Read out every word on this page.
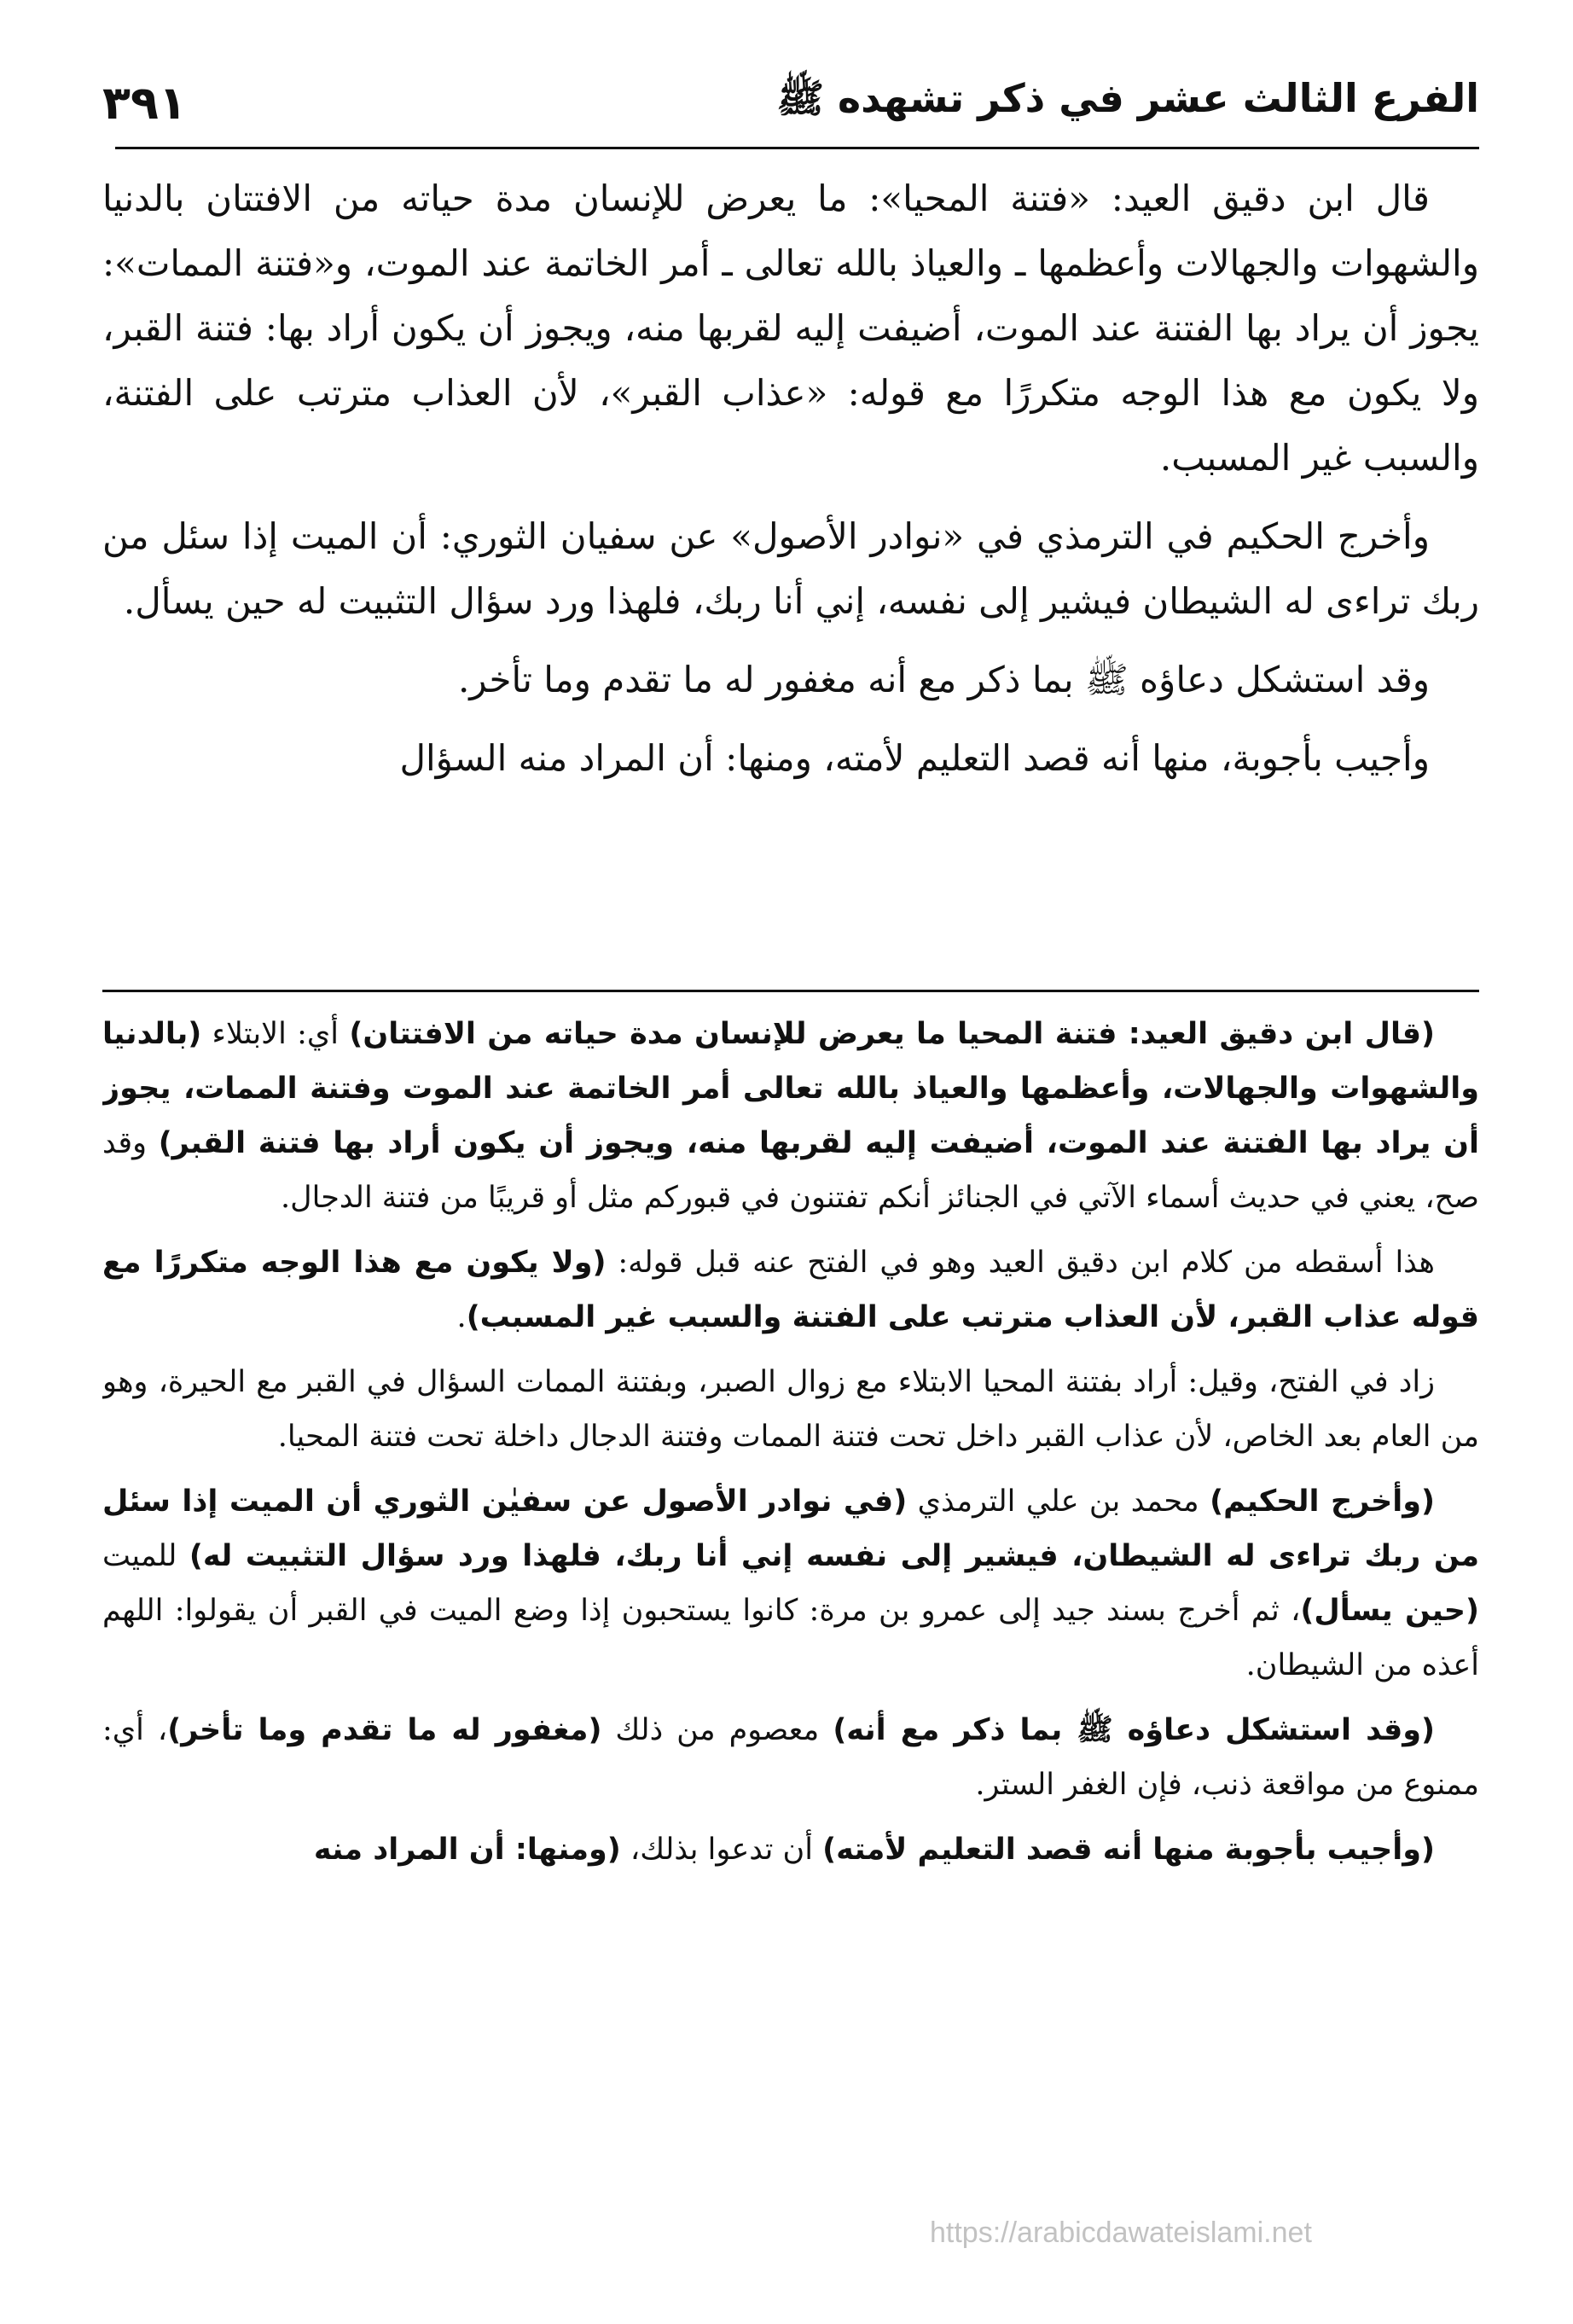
الفرع الثالث عشر في ذكر تشهده ﷺ
٣٩١

قال ابن دقيق العيد: «فتنة المحيا»: ما يعرض للإنسان مدة حياته من الافتتان بالدنيا والشهوات والجهالات وأعظمها ـ والعياذ بالله تعالى ـ أمر الخاتمة عند الموت، و«فتنة الممات»: يجوز أن يراد بها الفتنة عند الموت، أضيفت إليه لقربها منه، ويجوز أن يكون أراد بها: فتنة القبر، ولا يكون مع هذا الوجه متكررًا مع قوله: «عذاب القبر»، لأن العذاب مترتب على الفتنة، والسبب غير المسبب.

وأخرج الحكيم في الترمذي في «نوادر الأصول» عن سفيان الثوري: أن الميت إذا سئل من ربك تراءى له الشيطان فيشير إلى نفسه، إني أنا ربك، فلهذا ورد سؤال التثبيت له حين يسأل.

وقد استشكل دعاؤه ﷺ بما ذكر مع أنه مغفور له ما تقدم وما تأخر.

وأجيب بأجوبة، منها أنه قصد التعليم لأمته، ومنها: أن المراد منه السؤال

(قال ابن دقيق العيد: فتنة المحيا ما يعرض للإنسان مدة حياته من الافتتان) أي: الابتلاء (بالدنيا والشهوات والجهالات، وأعظمها والعياذ بالله تعالى أمر الخاتمة عند الموت وفتنة الممات، يجوز أن يراد بها الفتنة عند الموت، أضيفت إليه لقربها منه، ويجوز أن يكون أراد بها فتنة القبر) وقد صح، يعني في حديث أسماء الآتي في الجنائز أنكم تفتنون في قبوركم مثل أو قريبًا من فتنة الدجال.

هذا أسقطه من كلام ابن دقيق العيد وهو في الفتح عنه قبل قوله: (ولا يكون مع هذا الوجه متكررًا مع قوله عذاب القبر، لأن العذاب مترتب على الفتنة والسبب غير المسبب).

زاد في الفتح، وقيل: أراد بفتنة المحيا الابتلاء مع زوال الصبر، وبفتنة الممات السؤال في القبر مع الحيرة، وهو من العام بعد الخاص، لأن عذاب القبر داخل تحت فتنة الممات وفتنة الدجال داخلة تحت فتنة المحيا.

(وأخرج الحكيم) محمد بن علي الترمذي (في نوادر الأصول عن سفيٰن الثوري أن الميت إذا سئل من ربك تراءى له الشيطان، فيشير إلى نفسه إني أنا ربك، فلهذا ورد سؤال التثبيت له) للميت (حين يسأل)، ثم أخرج بسند جيد إلى عمرو بن مرة: كانوا يستحبون إذا وضع الميت في القبر أن يقولوا: اللهم أعذه من الشيطان.

(وقد استشكل دعاؤه ﷺ بما ذكر مع أنه) معصوم من ذلك (مغفور له ما تقدم وما تأخر)، أي: ممنوع من مواقعة ذنب، فإن الغفر الستر.

(وأجيب بأجوبة منها أنه قصد التعليم لأمته) أن تدعوا بذلك، (ومنها: أن المراد منه

https://arabicdawateislami.net
